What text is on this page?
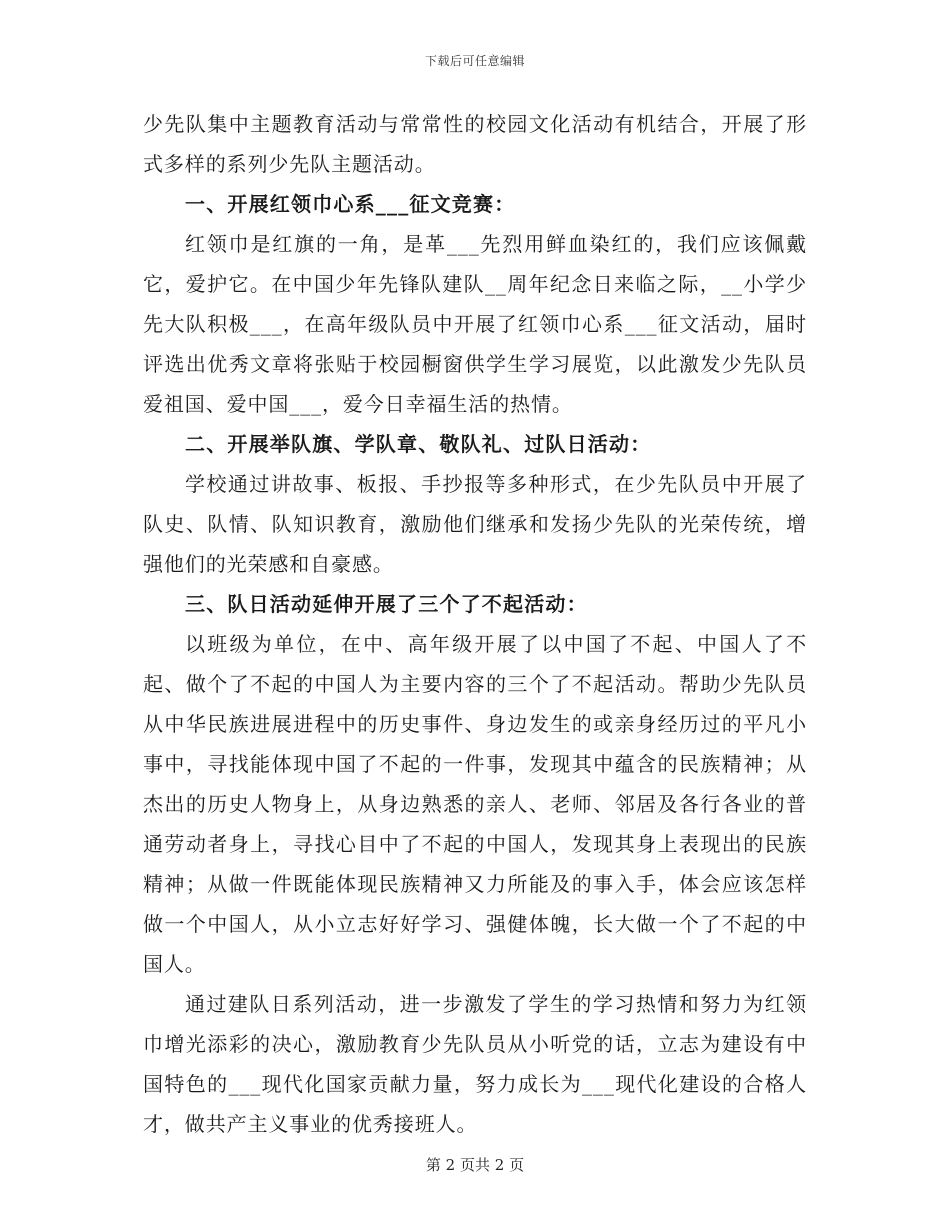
下载后可任意编辑

少先队集中主题教育活动与常常性的校园文化活动有机结合，开展了形式多样的系列少先队主题活动。

一、开展红领巾心系___征文竞赛：

红领巾是红旗的一角，是革___先烈用鲜血染红的，我们应该佩戴它，爱护它。在中国少年先锋队建队__周年纪念日来临之际，__小学少先大队积极___，在高年级队员中开展了红领巾心系___征文活动，届时评选出优秀文章将张贴于校园橱窗供学生学习展览，以此激发少先队员爱祖国、爱中国___，爱今日幸福生活的热情。

二、开展举队旗、学队章、敬队礼、过队日活动：

学校通过讲故事、板报、手抄报等多种形式，在少先队员中开展了队史、队情、队知识教育，激励他们继承和发扬少先队的光荣传统，增强他们的光荣感和自豪感。

三、队日活动延伸开展了三个了不起活动：

以班级为单位，在中、高年级开展了以中国了不起、中国人了不起、做个了不起的中国人为主要内容的三个了不起活动。帮助少先队员从中华民族进展进程中的历史事件、身边发生的或亲身经历过的平凡小事中，寻找能体现中国了不起的一件事，发现其中蕴含的民族精神；从杰出的历史人物身上，从身边熟悉的亲人、老师、邻居及各行各业的普通劳动者身上，寻找心目中了不起的中国人，发现其身上表现出的民族精神；从做一件既能体现民族精神又力所能及的事入手，体会应该怎样做一个中国人，从小立志好好学习、强健体魄，长大做一个了不起的中国人。

通过建队日系列活动，进一步激发了学生的学习热情和努力为红领巾增光添彩的决心，激励教育少先队员从小听党的话，立志为建设有中国特色的___现代化国家贡献力量，努力成长为___现代化建设的合格人才，做共产主义事业的优秀接班人。

第 2 页共 2 页
